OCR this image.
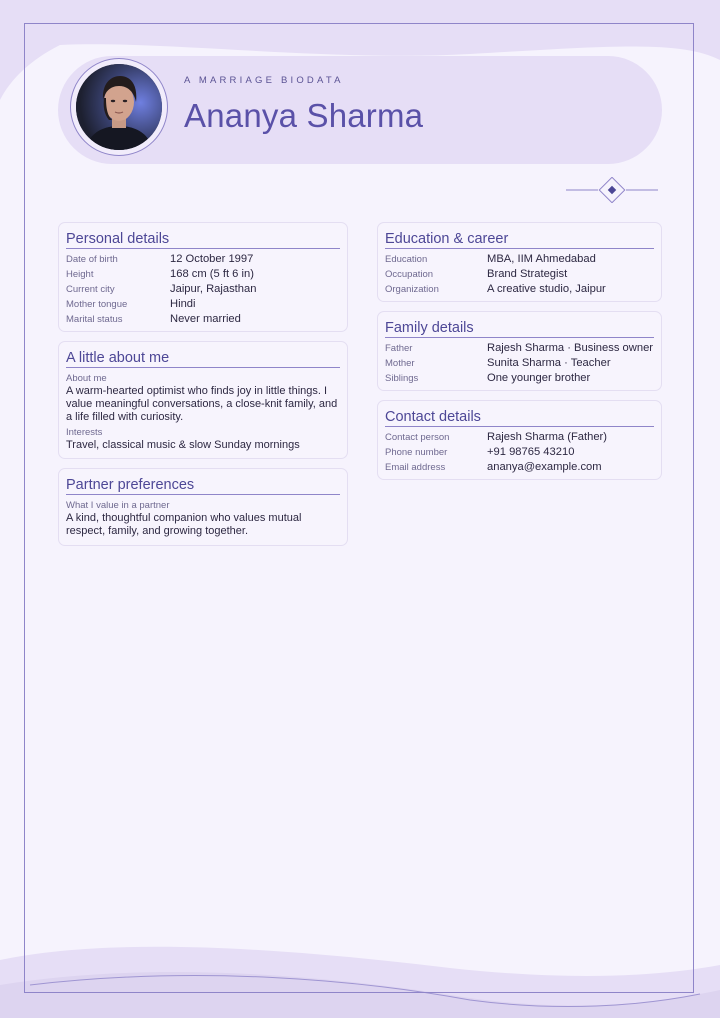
A MARRIAGE BIODATA
Ananya Sharma
Personal details
Date of birth	12 October 1997
Height	168 cm (5 ft 6 in)
Current city	Jaipur, Rajasthan
Mother tongue	Hindi
Marital status	Never married
A little about me
About me
A warm-hearted optimist who finds joy in little things. I value meaningful conversations, a close-knit family, and a life filled with curiosity.
Interests
Travel, classical music & slow Sunday mornings
Partner preferences
What I value in a partner
A kind, thoughtful companion who values mutual respect, family, and growing together.
Education & career
Education	MBA, IIM Ahmedabad
Occupation	Brand Strategist
Organization	A creative studio, Jaipur
Family details
Father	Rajesh Sharma · Business owner
Mother	Sunita Sharma · Teacher
Siblings	One younger brother
Contact details
Contact person	Rajesh Sharma (Father)
Phone number	+91 98765 43210
Email address	ananya@example.com
